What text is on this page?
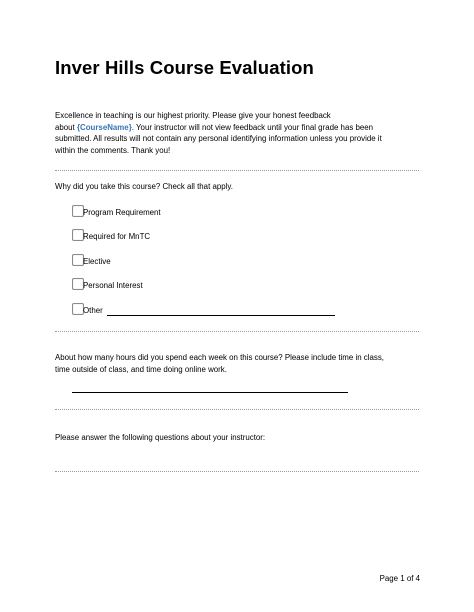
Inver Hills Course Evaluation
Excellence in teaching is our highest priority. Please give your honest feedback
about {CourseName}. Your instructor will not view feedback until your final grade has been
submitted. All results will not contain any personal identifying information unless you provide it
within the comments. Thank you!
Why did you take this course? Check all that apply.
Program Requirement
Required for MnTC
Elective
Personal Interest
Other
About how many hours did you spend each week on this course? Please include time in class,
time outside of class, and time doing online work.
Please answer the following questions about your instructor:
Page 1 of 4
